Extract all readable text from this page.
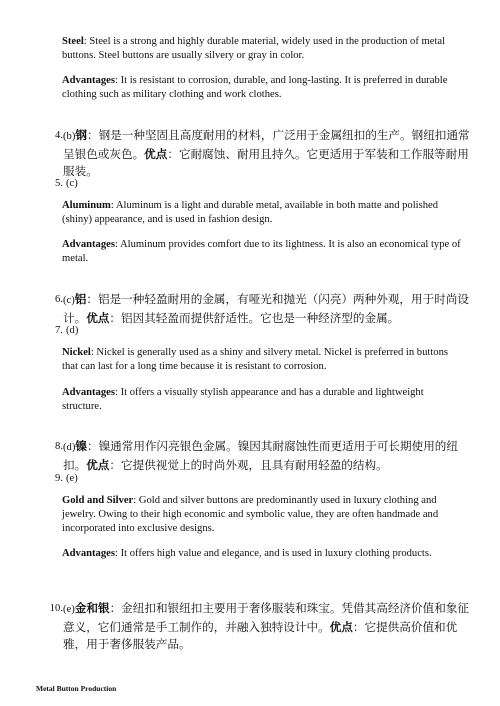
Steel: Steel is a strong and highly durable material, widely used in the production of metal buttons. Steel buttons are usually silvery or gray in color.

Advantages: It is resistant to corrosion, durable, and long-lasting. It is preferred in durable clothing such as military clothing and work clothes.

4. (b)钢：钢是一种坚固且高度耐用的材料，广泛用于金属纽扣的生产。钢纽扣通常呈银色或灰色。优点：它耐腐蚀、耐用且持久。它更适用于军装和工作服等耐用服装。
5. (c)

Aluminum: Aluminum is a light and durable metal, available in both matte and polished (shiny) appearance, and is used in fashion design.

Advantages: Aluminum provides comfort due to its lightness. It is also an economical type of metal.

6. (c)铝：铝是一种轻盈耐用的金属，有哑光和抛光（闪亮）两种外观，用于时尚设计。优点：铝因其轻盈而提供舒适性。它也是一种经济型的金属。
7. (d)

Nickel: Nickel is generally used as a shiny and silvery metal. Nickel is preferred in buttons that can last for a long time because it is resistant to corrosion.

Advantages: It offers a visually stylish appearance and has a durable and lightweight structure.

8. (d)镍：镍通常用作闪亮银色金属。镍因其耐腐蚀性而更适用于可长期使用的纽扣。优点：它提供视觉上的时尚外观，且具有耐用轻盈的结构。
9. (e)

Gold and Silver: Gold and silver buttons are predominantly used in luxury clothing and jewelry. Owing to their high economic and symbolic value, they are often handmade and incorporated into exclusive designs.

Advantages: It offers high value and elegance, and is used in luxury clothing products.

10. (e)金和银：金纽扣和银纽扣主要用于奢侈服装和珠宝。凭借其高经济价值和象征意义，它们通常是手工制作的，并融入独特设计中。优点：它提供高价值和优雅，用于奢侈服装产品。
Metal Button Production
